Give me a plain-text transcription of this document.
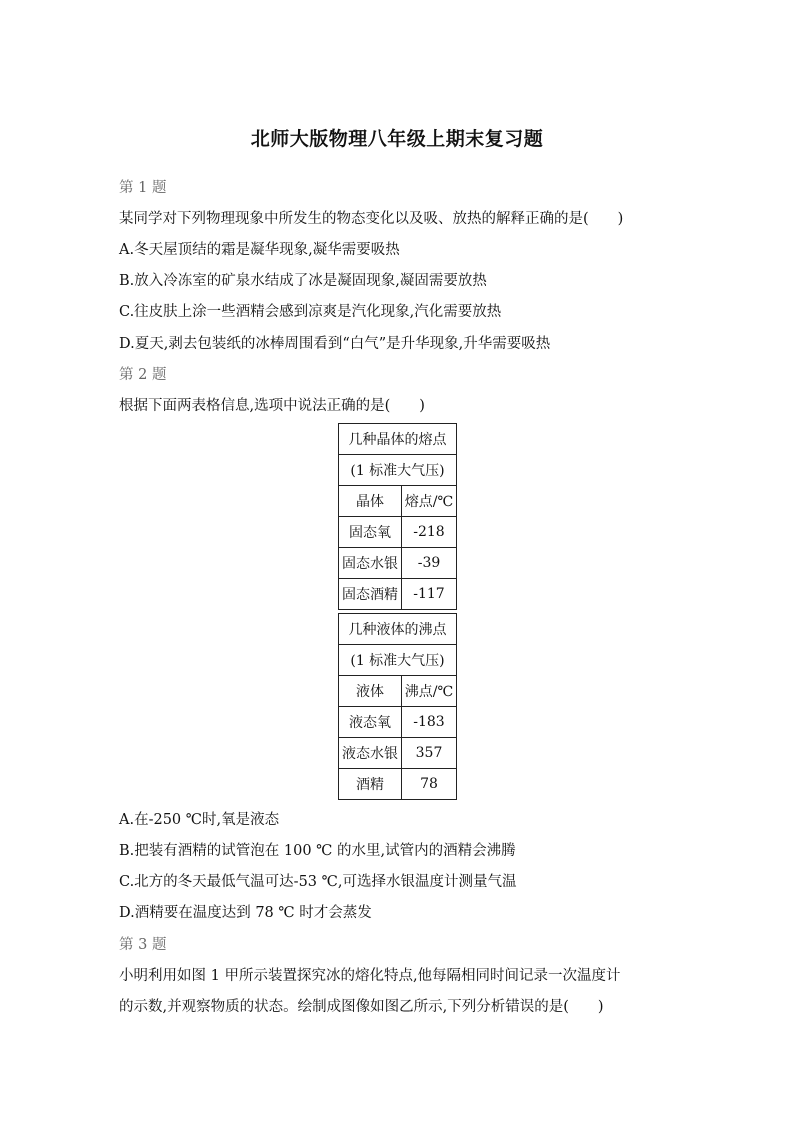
北师大版物理八年级上期末复习题
第 1 题
某同学对下列物理现象中所发生的物态变化以及吸、放热的解释正确的是(　　)
A.冬天屋顶结的霜是凝华现象,凝华需要吸热
B.放入冷冻室的矿泉水结成了冰是凝固现象,凝固需要放热
C.往皮肤上涂一些酒精会感到凉爽是汽化现象,汽化需要放热
D.夏天,剥去包装纸的冰棒周围看到“白气”是升华现象,升华需要吸热
第 2 题
根据下面两表格信息,选项中说法正确的是(　　)
几种晶体的熔点	
(1 标准大气压)	
晶体	熔点/℃
固态氧	-218
固态水银	-39
固态酒精	-117
几种液体的沸点	
(1 标准大气压)	
液体	沸点/℃
液态氧	-183
液态水银	357
酒精	78
A.在-250 ℃时,氧是液态
B.把装有酒精的试管泡在 100 ℃ 的水里,试管内的酒精会沸腾
C.北方的冬天最低气温可达-53 ℃,可选择水银温度计测量气温
D.酒精要在温度达到 78 ℃ 时才会蒸发
第 3 题
小明利用如图 1 甲所示装置探究冰的熔化特点,他每隔相同时间记录一次温度计
的示数,并观察物质的状态。绘制成图像如图乙所示,下列分析错误的是(　　)
